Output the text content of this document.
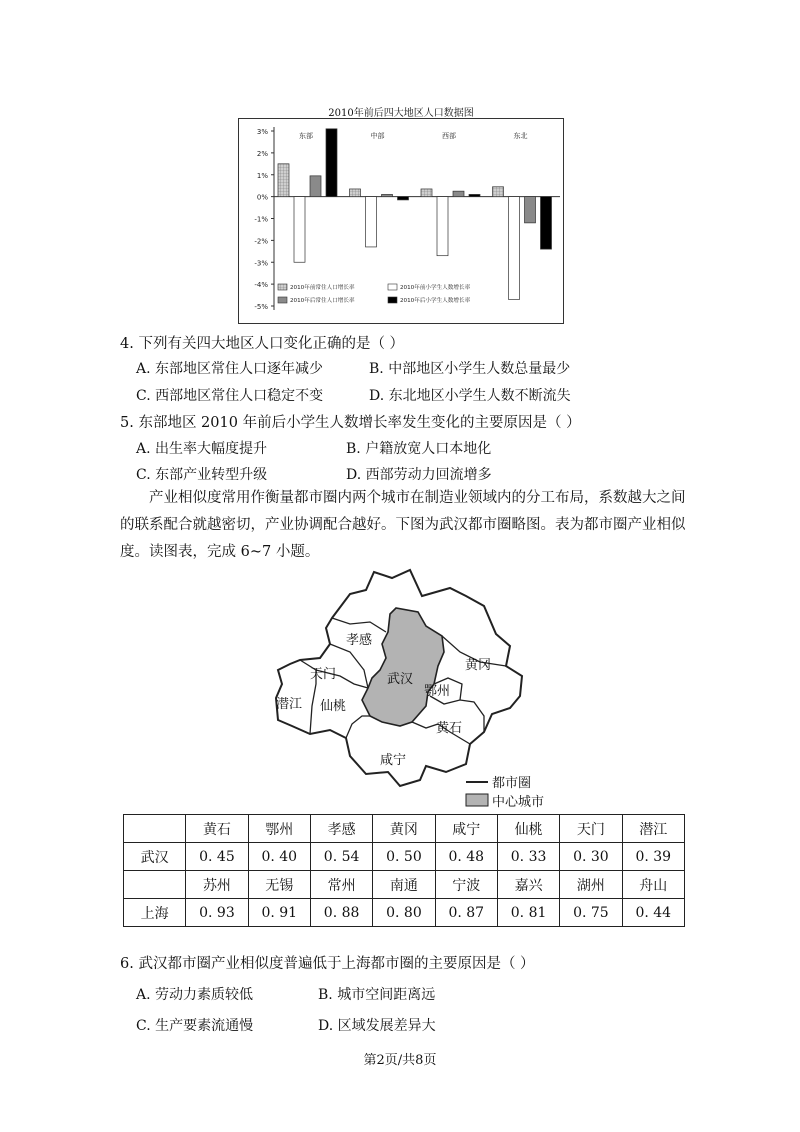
3%
2%
1%
0%
-1%
-2%
-3%
-4%
-5%
东部	中部	西部	东北
2010年前常住人口增长率	2010年前小学生人数增长率
2010年后常住人口增长率	2010年后小学生人数增长率
2010年前后四大地区人口数据图
4. 下列有关四大地区人口变化正确的是（ ）
A. 东部地区常住人口逐年减少	B. 中部地区小学生人数总量最少
C. 西部地区常住人口稳定不变	D. 东北地区小学生人数不断流失
5. 东部地区 2010 年前后小学生人数增长率发生变化的主要原因是（ ）
A. 出生率大幅度提升	B. 户籍放宽人口本地化
C. 东部产业转型升级	D. 西部劳动力回流增多
产业相似度常用作衡量都市圈内两个城市在制造业领域内的分工布局，系数越大之间的联系配合就越密切，产业协调配合越好。下图为武汉都市圈略图。表为都市圈产业相似度。读图表，完成 6~7 小题。
孝感
天门	武汉
黄冈
鄂州
潜江 仙桃
黄石
咸宁
都市圈
中心城市
	黄石	鄂州	孝感	黄冈	咸宁	仙桃	天门	潜江
武汉	0. 45	0. 40	0. 54	0. 50	0. 48	0. 33	0. 30	0. 39
	苏州	无锡	常州	南通	宁波	嘉兴	湖州	舟山
上海	0. 93	0. 91	0. 88	0. 80	0. 87	0. 81	0. 75	0. 44
6. 武汉都市圈产业相似度普遍低于上海都市圈的主要原因是（ ）
A. 劳动力素质较低	B. 城市空间距离远
C. 生产要素流通慢	D. 区域发展差异大
第2页/共8页
